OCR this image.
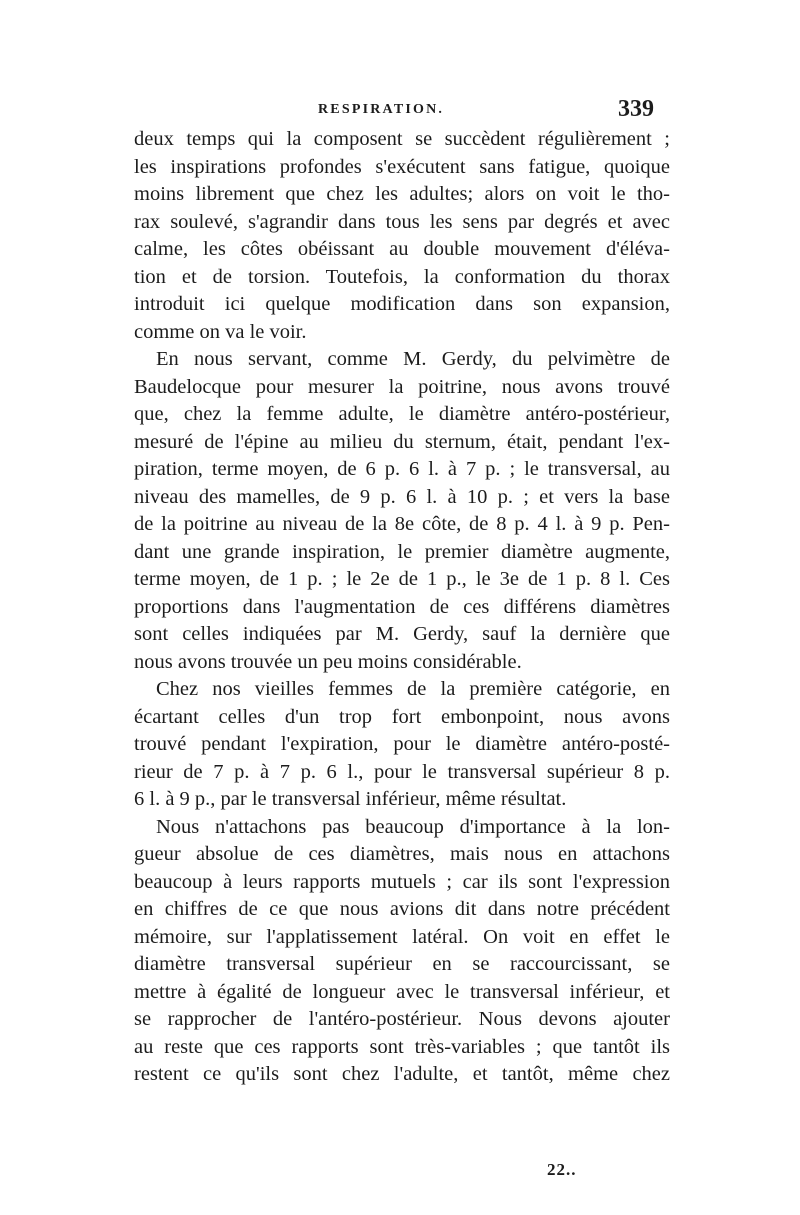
RESPIRATION.	339
deux temps qui la composent se succèdent régulièrement ;
les inspirations profondes s'exécutent sans fatigue, quoique
moins librement que chez les adultes; alors on voit le tho-
rax soulevé, s'agrandir dans tous les sens par degrés et avec
calme, les côtes obéissant au double mouvement d'éléva-
tion et de torsion. Toutefois, la conformation du thorax
introduit ici quelque modification dans son expansion,
comme on va le voir.
En nous servant, comme M. Gerdy, du pelvimètre de
Baudelocque pour mesurer la poitrine, nous avons trouvé
que, chez la femme adulte, le diamètre antéro-postérieur,
mesuré de l'épine au milieu du sternum, était, pendant l'ex-
piration, terme moyen, de 6 p. 6 l. à 7 p. ; le transversal, au
niveau des mamelles, de 9 p. 6 l. à 10 p. ; et vers la base
de la poitrine au niveau de la 8e côte, de 8 p. 4 l. à 9 p. Pen-
dant une grande inspiration, le premier diamètre augmente,
terme moyen, de 1 p. ; le 2e de 1 p., le 3e de 1 p. 8 l. Ces
proportions dans l'augmentation de ces différens diamètres
sont celles indiquées par M. Gerdy, sauf la dernière que
nous avons trouvée un peu moins considérable.
Chez nos vieilles femmes de la première catégorie, en
écartant celles d'un trop fort embonpoint, nous avons
trouvé pendant l'expiration, pour le diamètre antéro-posté-
rieur de 7 p. à 7 p. 6 l., pour le transversal supérieur 8 p.
6 l. à 9 p., par le transversal inférieur, même résultat.
Nous n'attachons pas beaucoup d'importance à la lon-
gueur absolue de ces diamètres, mais nous en attachons
beaucoup à leurs rapports mutuels ; car ils sont l'expression
en chiffres de ce que nous avions dit dans notre précédent
mémoire, sur l'applatissement latéral. On voit en effet le
diamètre transversal supérieur en se raccourcissant, se
mettre à égalité de longueur avec le transversal inférieur, et
se rapprocher de l'antéro-postérieur. Nous devons ajouter
au reste que ces rapports sont très-variables ; que tantôt ils
restent ce qu'ils sont chez l'adulte, et tantôt, même chez
22..
